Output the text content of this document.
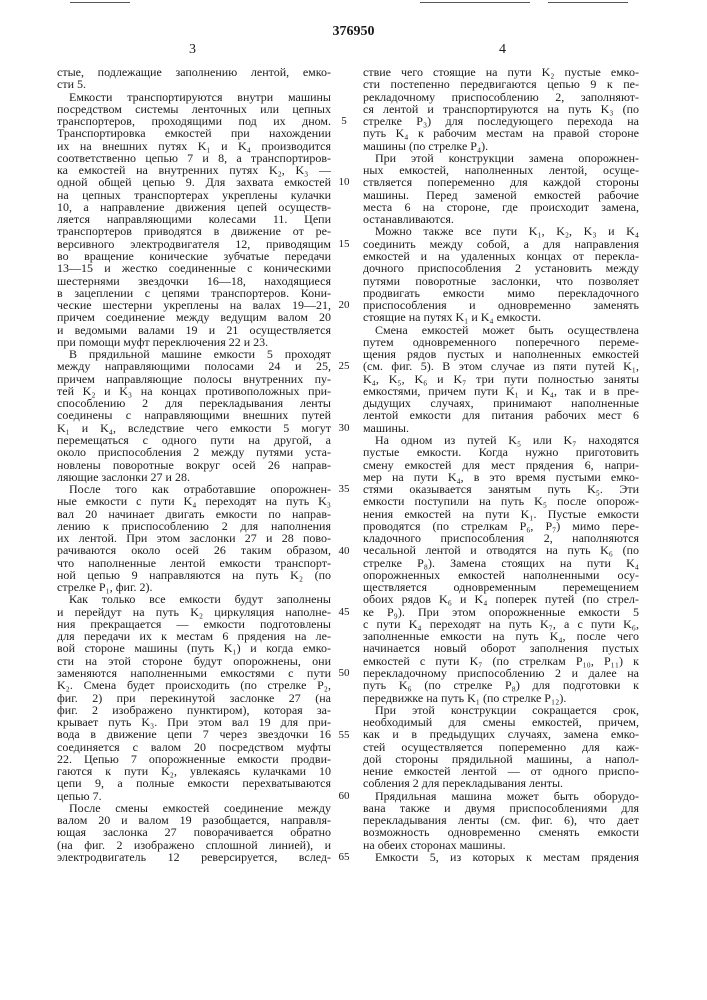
376950
3	4
стые, подлежащие заполнению лентой, емко-
сти 5.
Емкости транспортируются внутри машины
посредством системы ленточных или цепных
транспортеров, проходящими под их дном.
Транспортировка емкостей при нахождении
их на внешних путях K₁ и K₄ производится
соответственно цепью 7 и 8, а транспортиров-
ка емкостей на внутренних путях K₂, K₃ —
одной общей цепью 9. Для захвата емкостей
на цепных транспортерах укреплены кулачки
10, а направление движения цепей осуществ-
ляется направляющими колесами 11. Цепи
транспортеров приводятся в движение от ре-
версивного электродвигателя 12, приводящим
во вращение конические зубчатые передачи
13—15 и жестко соединенные с коническими
шестернями звездочки 16—18, находящиеся
в зацеплении с цепями транспортеров. Кони-
ческие шестерни укреплены на валах 19—21,
причем соединение между ведущим валом 20
и ведомыми валами 19 и 21 осуществляется
при помощи муфт переключения 22 и 23.
В прядильной машине емкости 5 проходят
между направляющими полосами 24 и 25,
причем направляющие полосы внутренних пу-
тей K₂ и K₃ на концах противоположных при-
способлению 2 для перекладывания ленты
соединены с направляющими внешних путей
K₁ и K₄, вследствие чего емкости 5 могут
перемещаться с одного пути на другой, а
около приспособления 2 между путями уста-
новлены поворотные вокруг осей 26 направ-
ляющие заслонки 27 и 28.
После того как отработавшие опорожнен-
ные емкости с пути K₄ переходят на путь K₃
вал 20 начинает двигать емкости по направ-
лению к приспособлению 2 для наполнения
их лентой. При этом заслонки 27 и 28 пово-
рачиваются около осей 26 таким образом,
что наполненные лентой емкости транспорт-
ной цепью 9 направляются на путь K₂ (по
стрелке P₁, фиг. 2).
Как только все емкости будут заполнены
и перейдут на путь K₂ циркуляция наполне-
ния прекращается — емкости подготовлены
для передачи их к местам 6 прядения на ле-
вой стороне машины (путь K₁) и когда емко-
сти на этой стороне будут опорожнены, они
заменяются наполненными емкостями с пути
K₂. Смена будет происходить (по стрелке P₂,
фиг. 2) при перекинутой заслонке 27 (на
фиг. 2 изображено пунктиром), которая за-
крывает путь K₃. При этом вал 19 для при-
вода в движение цепи 7 через звездочки 16
соединяется с валом 20 посредством муфты
22. Цепью 7 опорожненные емкости продви-
гаются к пути K₂, увлекаясь кулачками 10
цепи 9, а полные емкости перехватываются
цепью 7.
После смены емкостей соединение между
валом 20 и валом 19 разобщается, направля-
ющая заслонка 27 поворачивается обратно
(на фиг. 2 изображено сплошной линией), и
электродвигатель 12 реверсируется, вслед-
5
10
15
20
25
30
35
40
45
50
55
60
65
ствие чего стоящие на пути K₂ пустые емко-
сти постепенно передвигаются цепью 9 к пе-
рекладочному приспособлению 2, заполняют-
ся лентой и транспортируются на путь K₃ (по
стрелке P₃) для последующего перехода на
путь K₄ к рабочим местам на правой стороне
машины (по стрелке P₄).
При этой конструкции замена опорожнен-
ных емкостей, наполненных лентой, осуще-
ствляется попеременно для каждой стороны
машины. Перед заменой емкостей рабочие
места 6 на стороне, где происходит замена,
останавливаются.
Можно также все пути K₁, K₂, K₃ и K₄
соединить между собой, а для направления
емкостей и на удаленных концах от перекла-
дочного приспособления 2 установить между
путями поворотные заслонки, что позволяет
продвигать емкости мимо перекладочного
приспособления и одновременно заменять
стоящие на путях K₁ и K₄ емкости.
Смена емкостей может быть осуществлена
путем одновременного поперечного переме-
щения рядов пустых и наполненных емкостей
(см. фиг. 5). В этом случае из пяти путей K₁,
K₄, K₅, K₆ и K₇ три пути полностью заняты
емкостями, причем пути K₁ и K₄, так и в пре-
дыдущих случаях, принимают наполненные
лентой емкости для питания рабочих мест 6
машины.
На одном из путей K₅ или K₇ находятся
пустые емкости. Когда нужно приготовить
смену емкостей для мест прядения 6, напри-
мер на пути K₄, в это время пустыми емко-
стями оказывается занятым путь K₅. Эти
емкости поступили на путь K₅ после опорож-
нения емкостей на пути K₁. Пустые емкости
проводятся (по стрелкам P₆, P₇) мимо пере-
кладочного приспособления 2, наполняются
чесальной лентой и отводятся на путь K₆ (по
стрелке P₈). Замена стоящих на пути K₄
опорожненных емкостей наполненными осу-
ществляется одновременным перемещением
обоих рядов K₆ и K₄ поперек путей (по стрел-
ке P₉). При этом опорожненные емкости 5
с пути K₄ переходят на путь K₇, а с пути K₆,
заполненные емкости на путь K₄, после чего
начинается новый оборот заполнения пустых
емкостей с пути K₇ (по стрелкам P₁₀, P₁₁) к
перекладочному приспособлению 2 и далее на
путь K₆ (по стрелке P₈) для подготовки к
передвижке на путь K₁ (по стрелке P₁₂).
При этой конструкции сокращается срок,
необходимый для смены емкостей, причем,
как и в предыдущих случаях, замена емко-
стей осуществляется попеременно для каж-
дой стороны прядильной машины, а напол-
нение емкостей лентой — от одного приспо-
собления 2 для перекладывания ленты.
Прядильная машина может быть оборудо-
вана также и двумя приспособлениями для
перекладывания ленты (см. фиг. 6), что дает
возможность одновременно сменять емкости
на обеих сторонах машины.
Емкости 5, из которых к местам прядения
